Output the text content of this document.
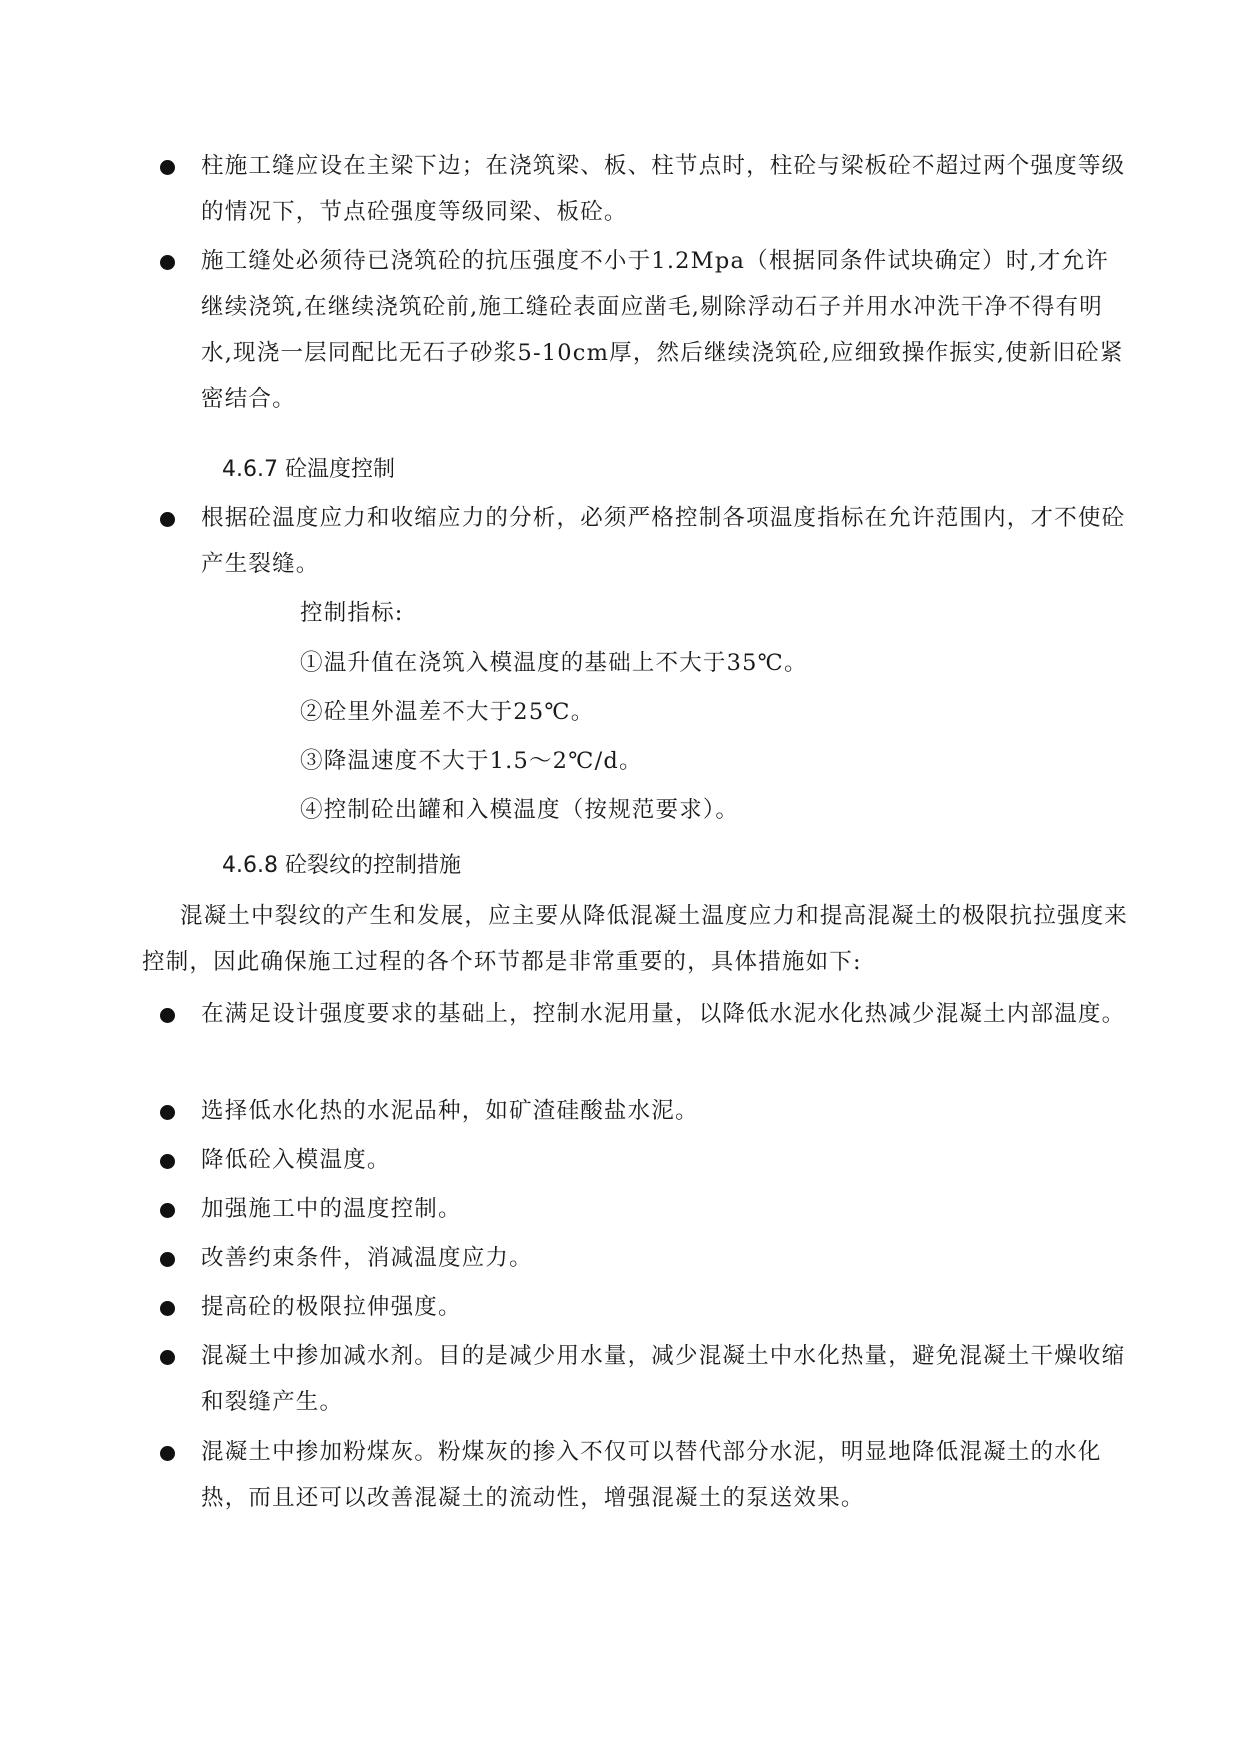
柱施工缝应设在主梁下边；在浇筑梁、板、柱节点时，柱砼与梁板砼不超过两个强度等级的情况下，节点砼强度等级同梁、板砼。
施工缝处必须待已浇筑砼的抗压强度不小于1.2Mpa（根据同条件试块确定）时,才允许继续浇筑,在继续浇筑砼前,施工缝砼表面应凿毛,剔除浮动石子并用水冲洗干净不得有明水,现浇一层同配比无石子砂浆5-10cm厚，然后继续浇筑砼,应细致操作振实,使新旧砼紧密结合。
4.6.7 砼温度控制
根据砼温度应力和收缩应力的分析，必须严格控制各项温度指标在允许范围内，才不使砼产生裂缝。
控制指标:
①温升值在浇筑入模温度的基础上不大于35℃。
②砼里外温差不大于25℃。
③降温速度不大于1.5～2℃/d。
④控制砼出罐和入模温度（按规范要求）。
4.6.8 砼裂纹的控制措施
混凝土中裂纹的产生和发展，应主要从降低混凝土温度应力和提高混凝土的极限抗拉强度来控制，因此确保施工过程的各个环节都是非常重要的，具体措施如下:
在满足设计强度要求的基础上，控制水泥用量，以降低水泥水化热减少混凝土内部温度。
选择低水化热的水泥品种，如矿渣硅酸盐水泥。
降低砼入模温度。
加强施工中的温度控制。
改善约束条件，消减温度应力。
提高砼的极限拉伸强度。
混凝土中掺加减水剂。目的是减少用水量，减少混凝土中水化热量，避免混凝土干燥收缩和裂缝产生。
混凝土中掺加粉煤灰。粉煤灰的掺入不仅可以替代部分水泥，明显地降低混凝土的水化热，而且还可以改善混凝土的流动性，增强混凝土的泵送效果。
